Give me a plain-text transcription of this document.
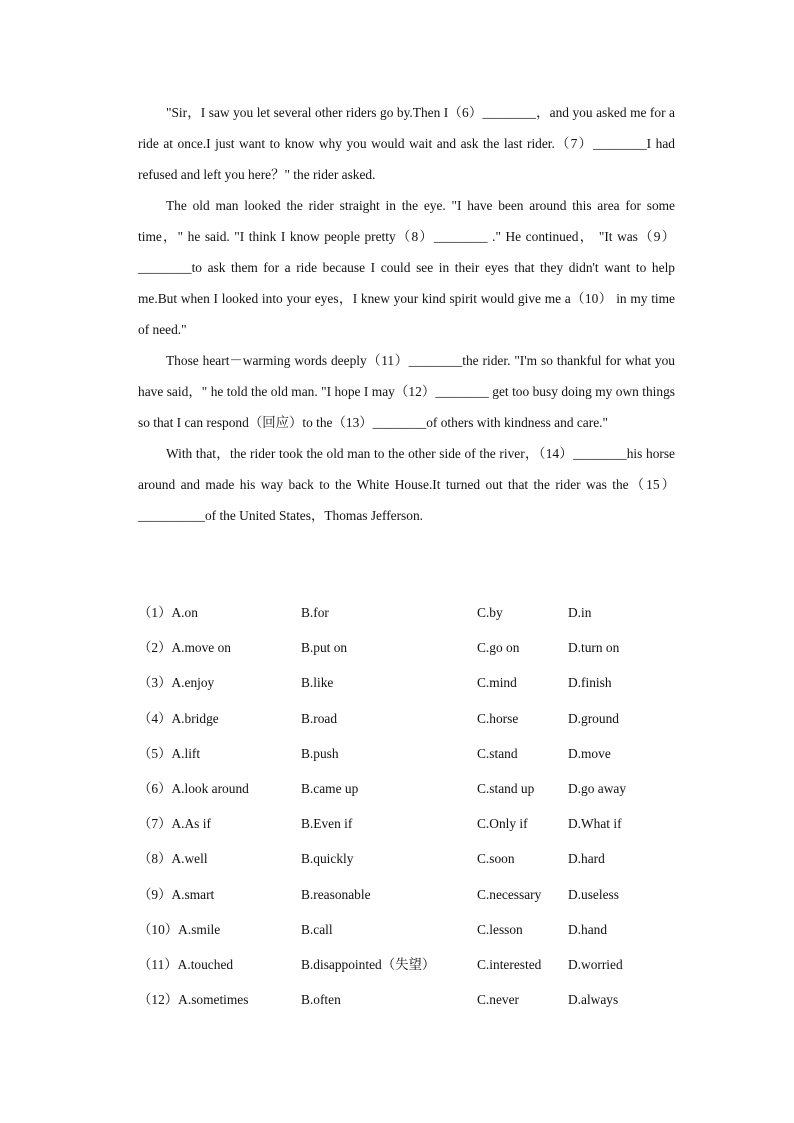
"Sir，I saw you let several other riders go by.Then I（6）________，and you asked me for a ride at once.I just want to know why you would wait and ask the last rider.（7）________I had refused and left you here？" the rider asked.

The old man looked the rider straight in the eye. "I have been around this area for some time，" he said. "I think I know people pretty（8）________ ." He continued， "It was（9）________to ask them for a ride because I could see in their eyes that they didn't want to help me.But when I looked into your eyes，I knew your kind spirit would give me a（10） in my time of need."

Those heart－warming words deeply（11）________the rider. "I'm so thankful for what you have said，" he told the old man. "I hope I may（12）________ get too busy doing my own things so that I can respond（回应）to the（13）________of others with kindness and care."

With that，the rider took the old man to the other side of the river，（14）________his horse around and made his way back to the White House.It turned out that the rider was the（15）__________of the United States，Thomas Jefferson.

（1）A.on	B.for	C.by	D.in
（2）A.move on	B.put on	C.go on	D.turn on
（3）A.enjoy	B.like	C.mind	D.finish
（4）A.bridge	B.road	C.horse	D.ground
（5）A.lift	B.push	C.stand	D.move
（6）A.look around	B.came up	C.stand up	D.go away
（7）A.As if	B.Even if	C.Only if	D.What if
（8）A.well	B.quickly	C.soon	D.hard
（9）A.smart	B.reasonable	C.necessary D.useless
（10）A.smile	B.call	C.lesson	D.hand
（11）A.touched	B.disappointed（失望）	C.interested D.worried
（12）A.sometimes	B.often	C.never	D.always
